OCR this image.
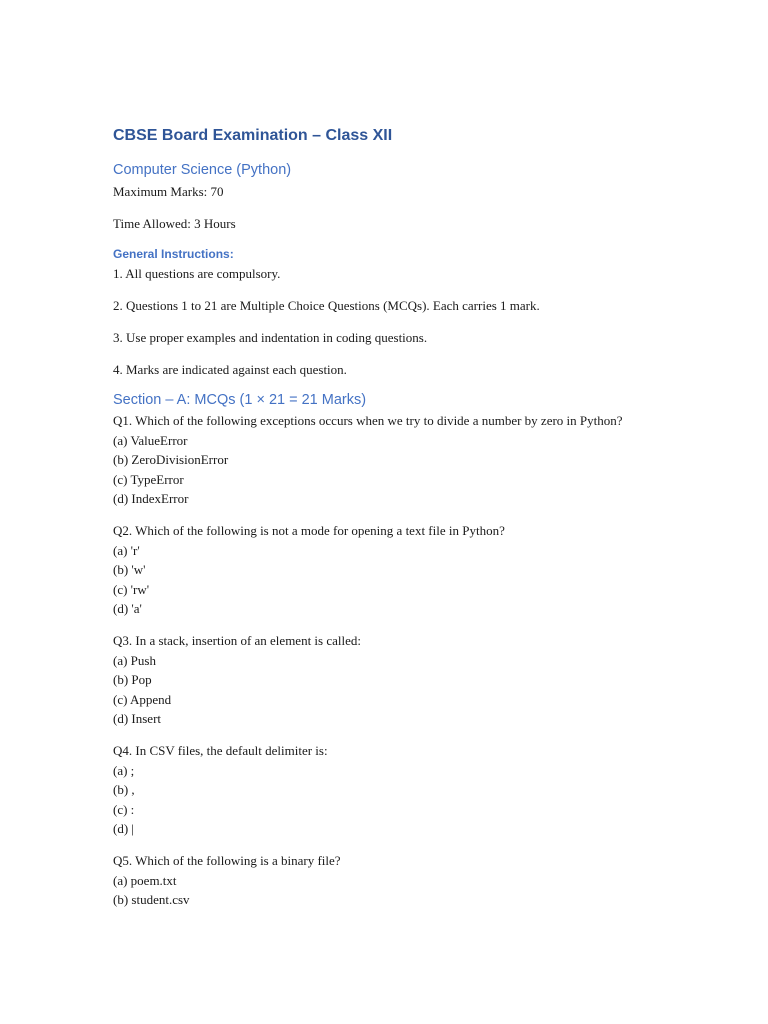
CBSE Board Examination – Class XII
Computer Science (Python)
Maximum Marks: 70
Time Allowed: 3 Hours
General Instructions:
1. All questions are compulsory.
2. Questions 1 to 21 are Multiple Choice Questions (MCQs). Each carries 1 mark.
3. Use proper examples and indentation in coding questions.
4. Marks are indicated against each question.
Section – A: MCQs (1 × 21 = 21 Marks)
Q1. Which of the following exceptions occurs when we try to divide a number by zero in Python?
(a) ValueError
(b) ZeroDivisionError
(c) TypeError
(d) IndexError
Q2. Which of the following is not a mode for opening a text file in Python?
(a) 'r'
(b) 'w'
(c) 'rw'
(d) 'a'
Q3. In a stack, insertion of an element is called:
(a) Push
(b) Pop
(c) Append
(d) Insert
Q4. In CSV files, the default delimiter is:
(a) ;
(b) ,
(c) :
(d) |
Q5. Which of the following is a binary file?
(a) poem.txt
(b) student.csv
